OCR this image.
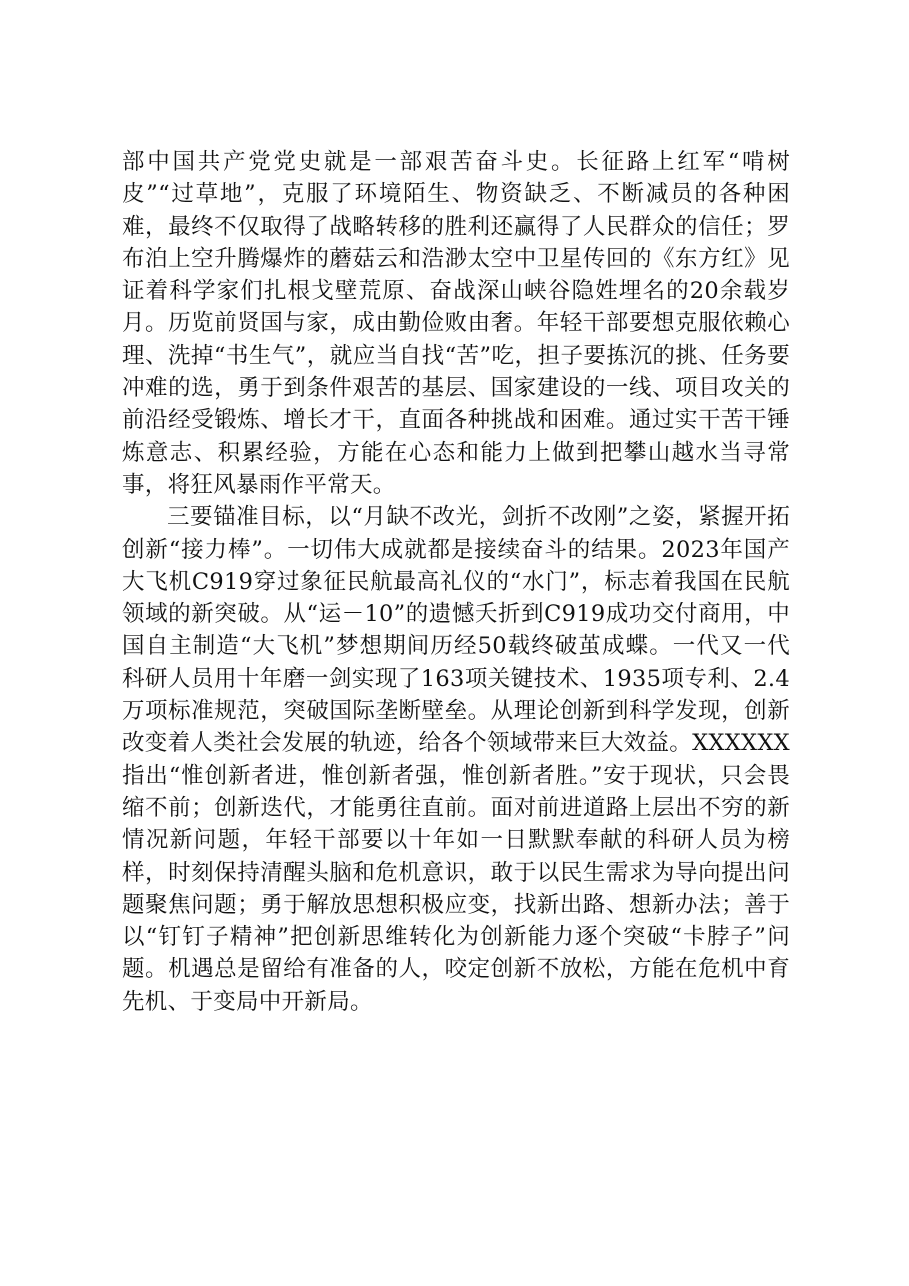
部中国共产党党史就是一部艰苦奋斗史。长征路上红军“啃树皮”“过草地”，克服了环境陌生、物资缺乏、不断减员的各种困难，最终不仅取得了战略转移的胜利还赢得了人民群众的信任；罗布泊上空升腾爆炸的蘑菇云和浩渺太空中卫星传回的《东方红》见证着科学家们扎根戈壁荒原、奋战深山峡谷隐姓埋名的20余载岁月。历览前贤国与家，成由勤俭败由奢。年轻干部要想克服依赖心理、洗掉“书生气”，就应当自找“苦”吃，担子要拣沉的挑、任务要冲难的选，勇于到条件艰苦的基层、国家建设的一线、项目攻关的前沿经受锻炼、增长才干，直面各种挑战和困难。通过实干苦干锤炼意志、积累经验，方能在心态和能力上做到把攀山越水当寻常事，将狂风暴雨作平常天。

三要锚准目标，以“月缺不改光，剑折不改刚”之姿，紧握开拓创新“接力棒”。一切伟大成就都是接续奋斗的结果。2023年国产大飞机C919穿过象征民航最高礼仪的“水门”，标志着我国在民航领域的新突破。从“运－10”的遗憾夭折到C919成功交付商用，中国自主制造“大飞机”梦想期间历经50载终破茧成蝶。一代又一代科研人员用十年磨一剑实现了163项关键技术、1935项专利、2.4万项标准规范，突破国际垄断壁垒。从理论创新到科学发现，创新改变着人类社会发展的轨迹，给各个领域带来巨大效益。XXXXXX指出“惟创新者进，惟创新者强，惟创新者胜。”安于现状，只会畏缩不前；创新迭代，才能勇往直前。面对前进道路上层出不穷的新情况新问题，年轻干部要以十年如一日默默奉献的科研人员为榜样，时刻保持清醒头脑和危机意识，敢于以民生需求为导向提出问题聚焦问题；勇于解放思想积极应变，找新出路、想新办法；善于以“钉钉子精神”把创新思维转化为创新能力逐个突破“卡脖子”问题。机遇总是留给有准备的人，咬定创新不放松，方能在危机中育先机、于变局中开新局。
